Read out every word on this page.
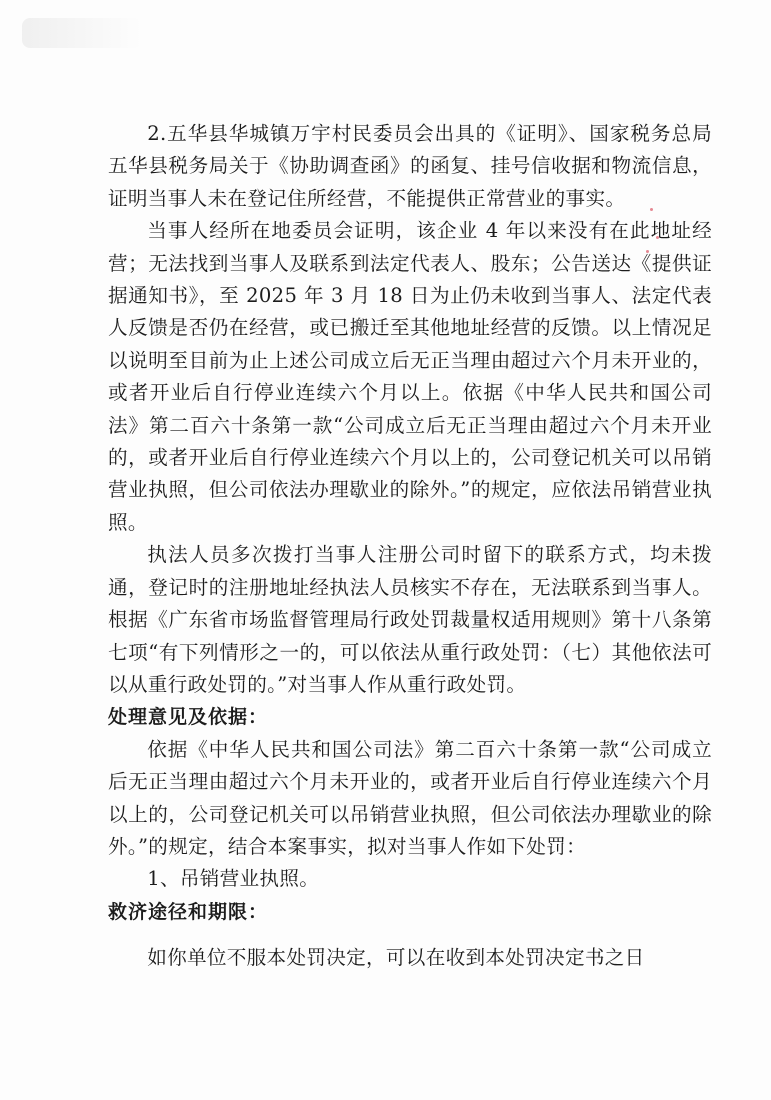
2.五华县华城镇万宇村民委员会出具的《证明》、国家税务总局五华县税务局关于《协助调查函》的函复、挂号信收据和物流信息，证明当事人未在登记住所经营，不能提供正常营业的事实。

当事人经所在地委员会证明，该企业 4 年以来没有在此地址经营；无法找到当事人及联系到法定代表人、股东；公告送达《提供证据通知书》，至 2025 年 3 月 18 日为止仍未收到当事人、法定代表人反馈是否仍在经营，或已搬迁至其他地址经营的反馈。以上情况足以说明至目前为止上述公司成立后无正当理由超过六个月未开业的，或者开业后自行停业连续六个月以上。依据《中华人民共和国公司法》第二百六十条第一款“公司成立后无正当理由超过六个月未开业的，或者开业后自行停业连续六个月以上的，公司登记机关可以吊销营业执照，但公司依法办理歇业的除外。”的规定，应依法吊销营业执照。

执法人员多次拨打当事人注册公司时留下的联系方式，均未拨通，登记时的注册地址经执法人员核实不存在，无法联系到当事人。根据《广东省市场监督管理局行政处罚裁量权适用规则》第十八条第七项“有下列情形之一的，可以依法从重行政处罚：（七）其他依法可以从重行政处罚的。”对当事人作从重行政处罚。

处理意见及依据：

依据《中华人民共和国公司法》第二百六十条第一款“公司成立后无正当理由超过六个月未开业的，或者开业后自行停业连续六个月以上的，公司登记机关可以吊销营业执照，但公司依法办理歇业的除外。”的规定，结合本案事实，拟对当事人作如下处罚：

1、吊销营业执照。

救济途径和期限：

如你单位不服本处罚决定，可以在收到本处罚决定书之日
